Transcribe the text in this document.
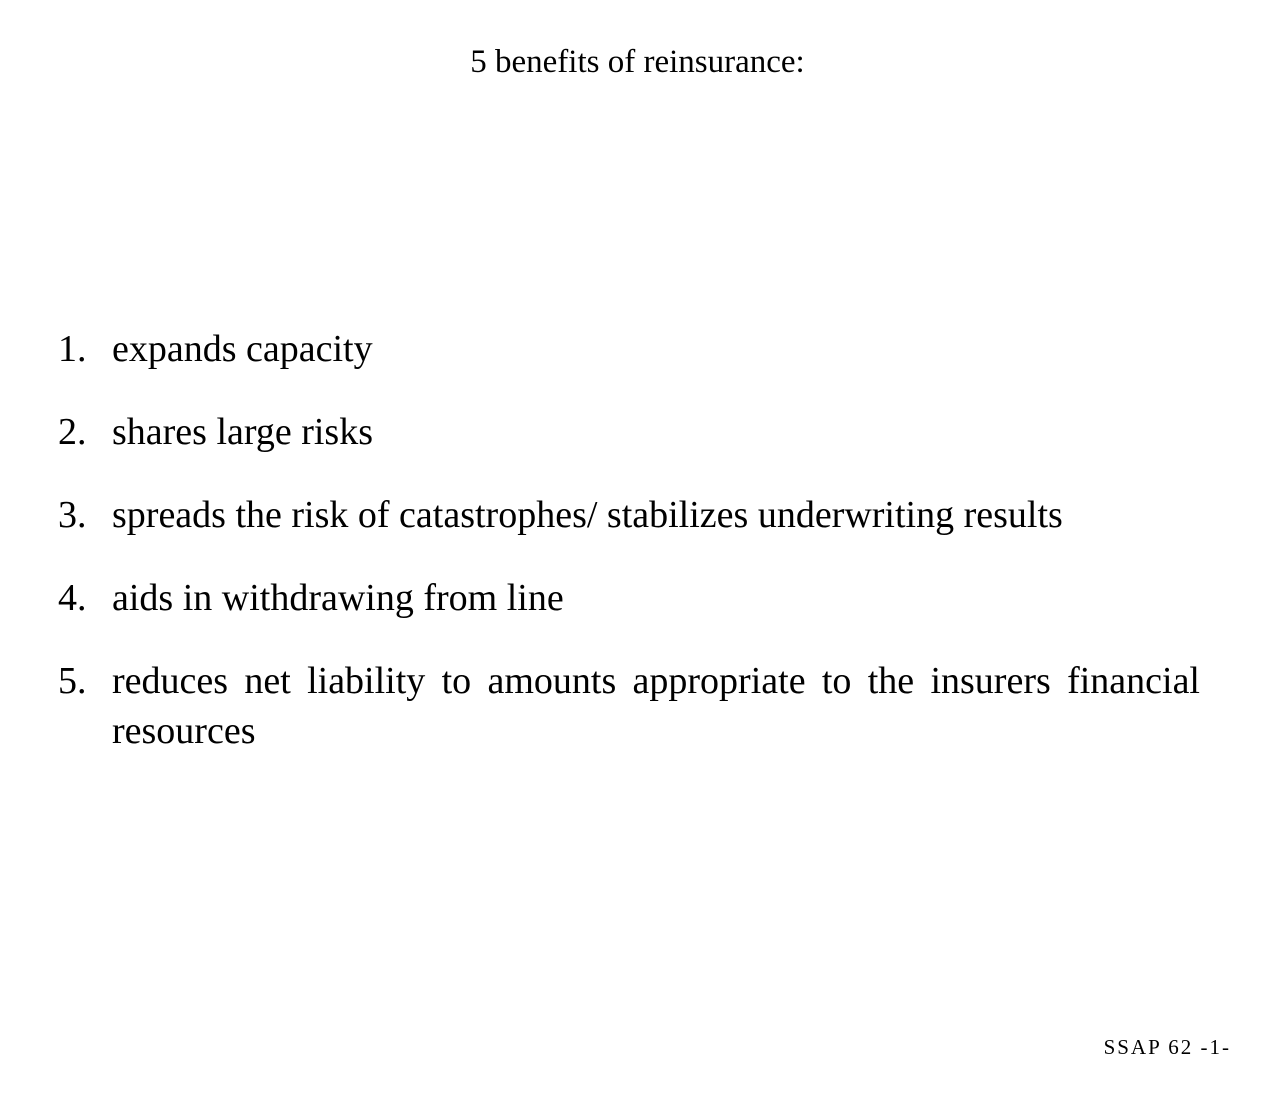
5 benefits of reinsurance:
1. expands capacity
2. shares large risks
3. spreads the risk of catastrophes/ stabilizes underwriting results
4. aids in withdrawing from line
5. reduces net liability to amounts appropriate to the insurers financial resources
SSAP 62 -1-
